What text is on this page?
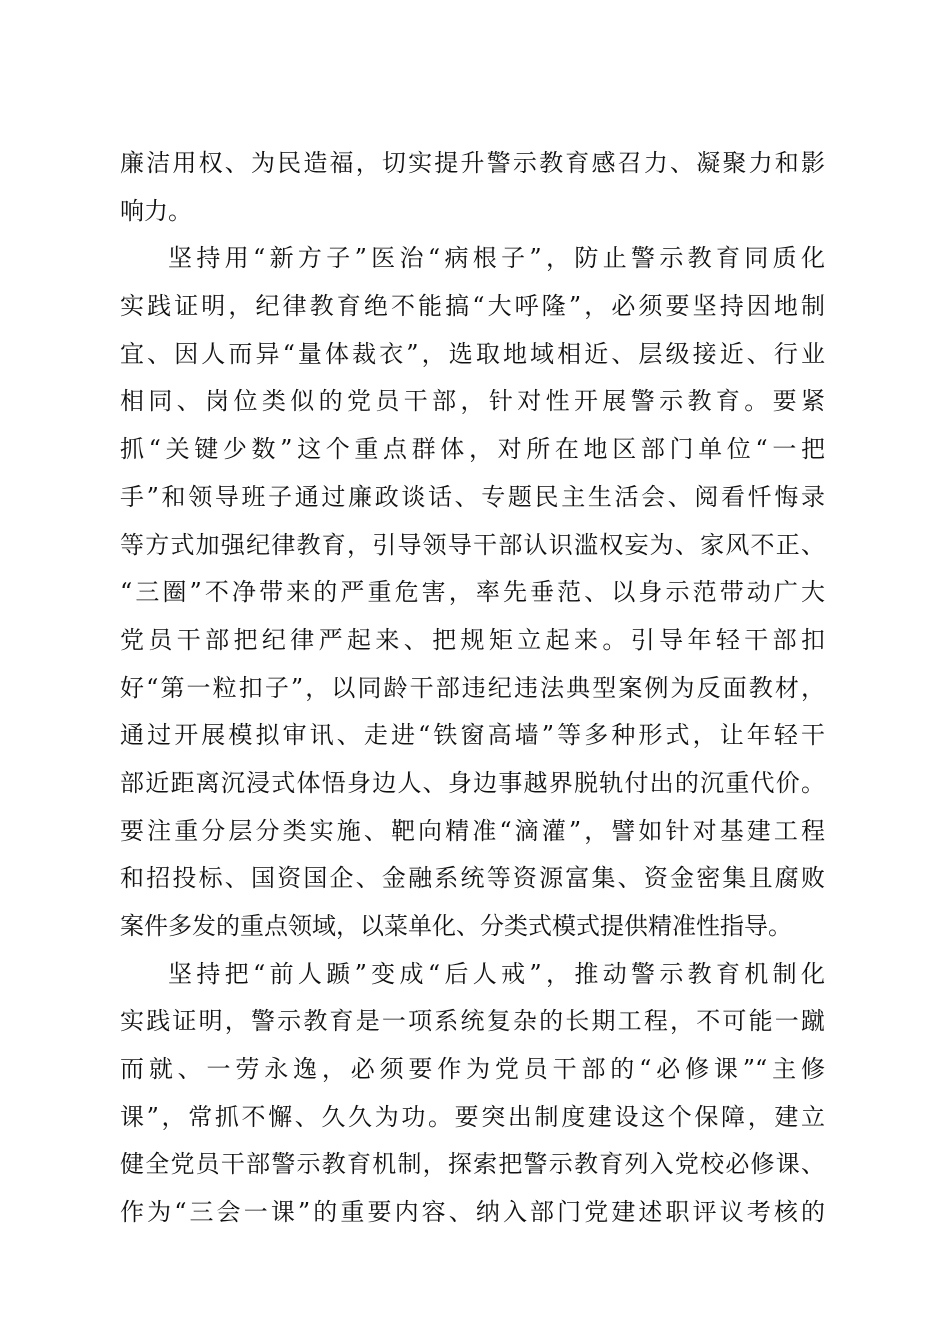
廉洁用权、为民造福，切实提升警示教育感召力、凝聚力和影
响力。
坚持用“新方子”医治“病根子”，防止警示教育同质化
实践证明，纪律教育绝不能搞“大呼隆”，必须要坚持因地制
宜、因人而异“量体裁衣”，选取地域相近、层级接近、行业
相同、岗位类似的党员干部，针对性开展警示教育。要紧
抓“关键少数”这个重点群体，对所在地区部门单位“一把
手”和领导班子通过廉政谈话、专题民主生活会、阅看忏悔录
等方式加强纪律教育，引导领导干部认识滥权妄为、家风不正、
“三圈”不净带来的严重危害，率先垂范、以身示范带动广大
党员干部把纪律严起来、把规矩立起来。引导年轻干部扣
好“第一粒扣子”，以同龄干部违纪违法典型案例为反面教材，
通过开展模拟审讯、走进“铁窗高墙”等多种形式，让年轻干
部近距离沉浸式体悟身边人、身边事越界脱轨付出的沉重代价。
要注重分层分类实施、靶向精准“滴灌”，譬如针对基建工程
和招投标、国资国企、金融系统等资源富集、资金密集且腐败
案件多发的重点领域，以菜单化、分类式模式提供精准性指导。
坚持把“前人踬”变成“后人戒”，推动警示教育机制化
实践证明，警示教育是一项系统复杂的长期工程，不可能一蹴
而就、一劳永逸，必须要作为党员干部的“必修课”“主修
课”，常抓不懈、久久为功。要突出制度建设这个保障，建立
健全党员干部警示教育机制，探索把警示教育列入党校必修课、
作为“三会一课”的重要内容、纳入部门党建述职评议考核的
